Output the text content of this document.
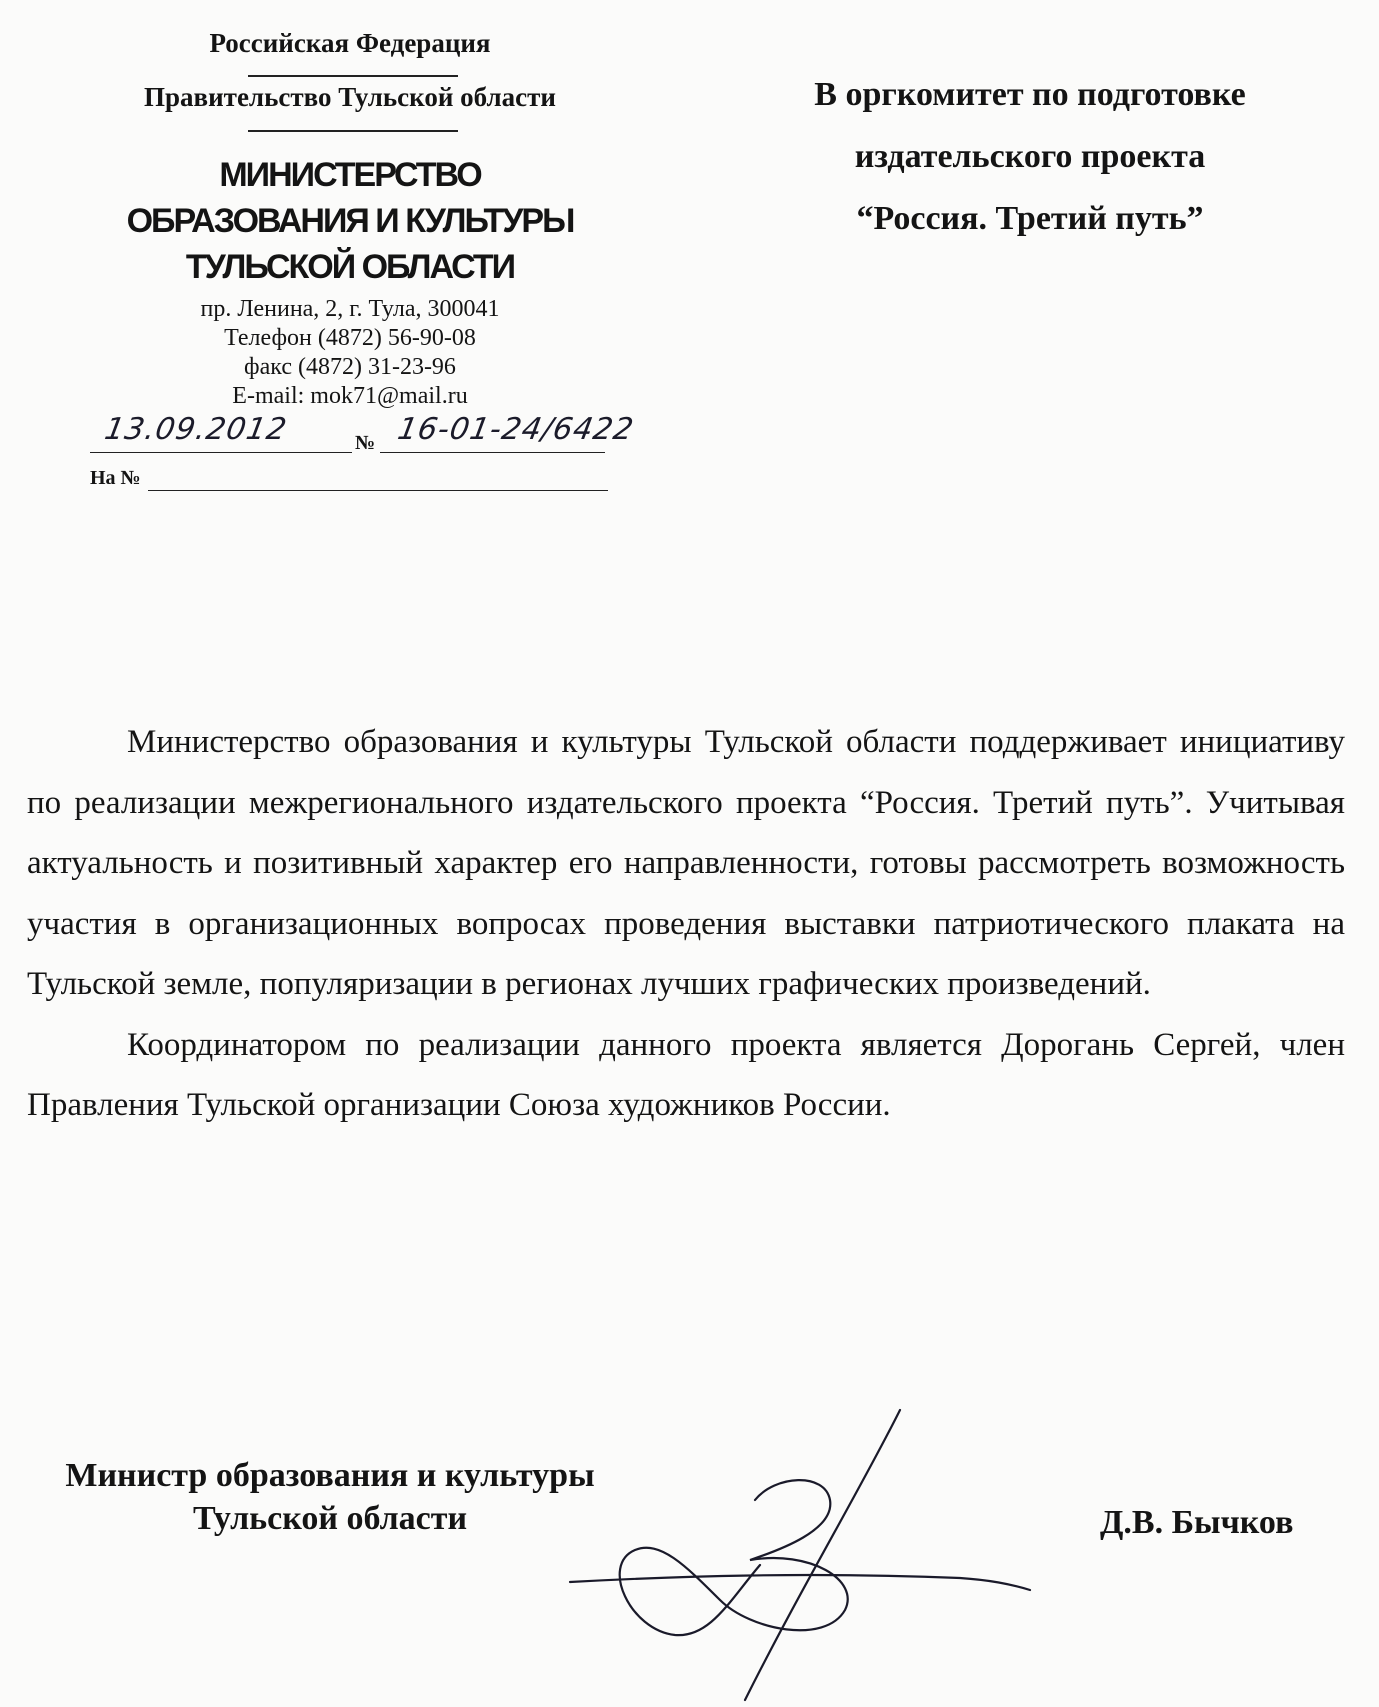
Российская Федерация
Правительство Тульской области
МИНИСТЕРСТВО
ОБРАЗОВАНИЯ И КУЛЬТУРЫ
ТУЛЬСКОЙ ОБЛАСТИ
пр. Ленина, 2, г. Тула, 300041
Телефон (4872) 56-90-08
факс (4872) 31-23-96
E-mail: mok71@mail.ru
13.09.2012	№ 16-01-24/6422
На №
В оргкомитет по подготовке
издательского проекта
“Россия. Третий путь”

Министерство образования и культуры Тульской области поддерживает инициативу по реализации межрегионального издательского проекта “Россия. Третий путь”. Учитывая актуальность и позитивный характер его направленности, готовы рассмотреть возможность участия в организационных вопросах проведения выставки патриотического плаката на Тульской земле, популяризации в регионах лучших графических произведений.

Координатором по реализации данного проекта является Дорогань Сергей, член Правления Тульской организации Союза художников России.

Министр образования и культуры
Тульской области	Д.В. Бычков
